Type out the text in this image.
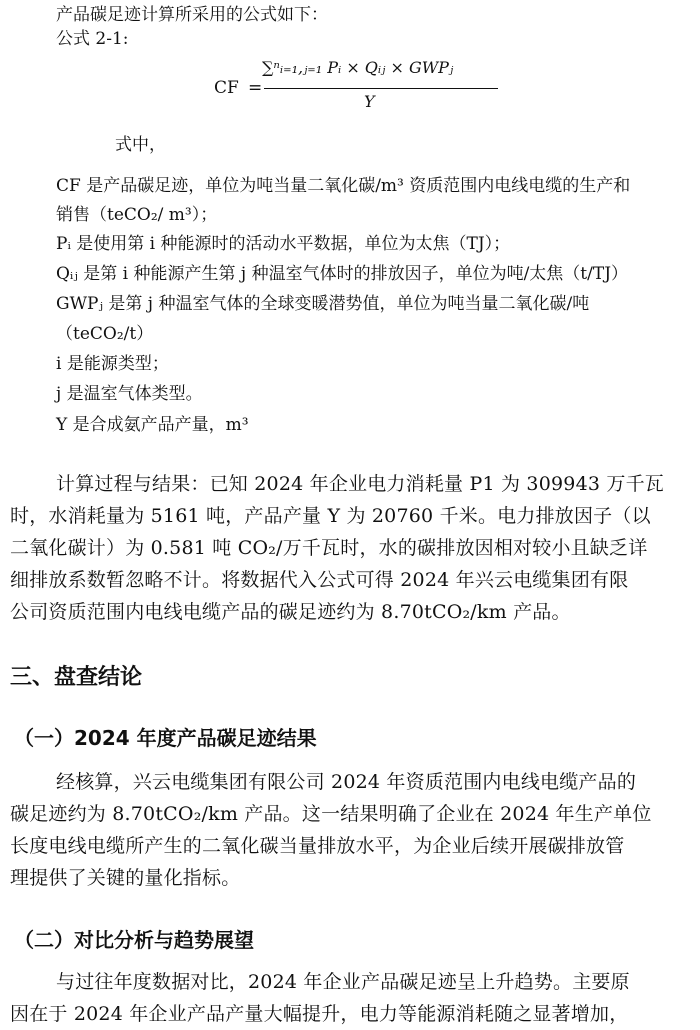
产品碳足迹计算所采用的公式如下：
公式 2-1:
CF =
∑ⁿᵢ₌₁,ⱼ₌₁ Pᵢ × Qᵢⱼ × GWPⱼ
Y
式中，
CF 是产品碳足迹，单位为吨当量二氧化碳/m³ 资质范围内电线电缆的生产和
销售（teCO₂/ m³）；
Pᵢ 是使用第 i 种能源时的活动水平数据，单位为太焦（TJ）；
Qᵢⱼ 是第 i 种能源产生第 j 种温室气体时的排放因子，单位为吨/太焦（t/TJ）
GWPⱼ 是第 j 种温室气体的全球变暖潜势值，单位为吨当量二氧化碳/吨
（teCO₂/t）
i 是能源类型；
j 是温室气体类型。
Y 是合成氨产品产量，m³
计算过程与结果：已知 2024 年企业电力消耗量 P1 为 309943 万千瓦
时，水消耗量为 5161 吨，产品产量 Y 为 20760 千米。电力排放因子（以
二氧化碳计）为 0.581 吨 CO₂/万千瓦时，水的碳排放因相对较小且缺乏详
细排放系数暂忽略不计。将数据代入公式可得 2024 年兴云电缆集团有限
公司资质范围内电线电缆产品的碳足迹约为 8.70tCO₂/km 产品。
三、盘查结论
（一）2024 年度产品碳足迹结果
经核算，兴云电缆集团有限公司 2024 年资质范围内电线电缆产品的
碳足迹约为 8.70tCO₂/km 产品。这一结果明确了企业在 2024 年生产单位
长度电线电缆所产生的二氧化碳当量排放水平，为企业后续开展碳排放管
理提供了关键的量化指标。
（二）对比分析与趋势展望
与过往年度数据对比，2024 年企业产品碳足迹呈上升趋势。主要原
因在于 2024 年企业产品产量大幅提升，电力等能源消耗随之显著增加，
